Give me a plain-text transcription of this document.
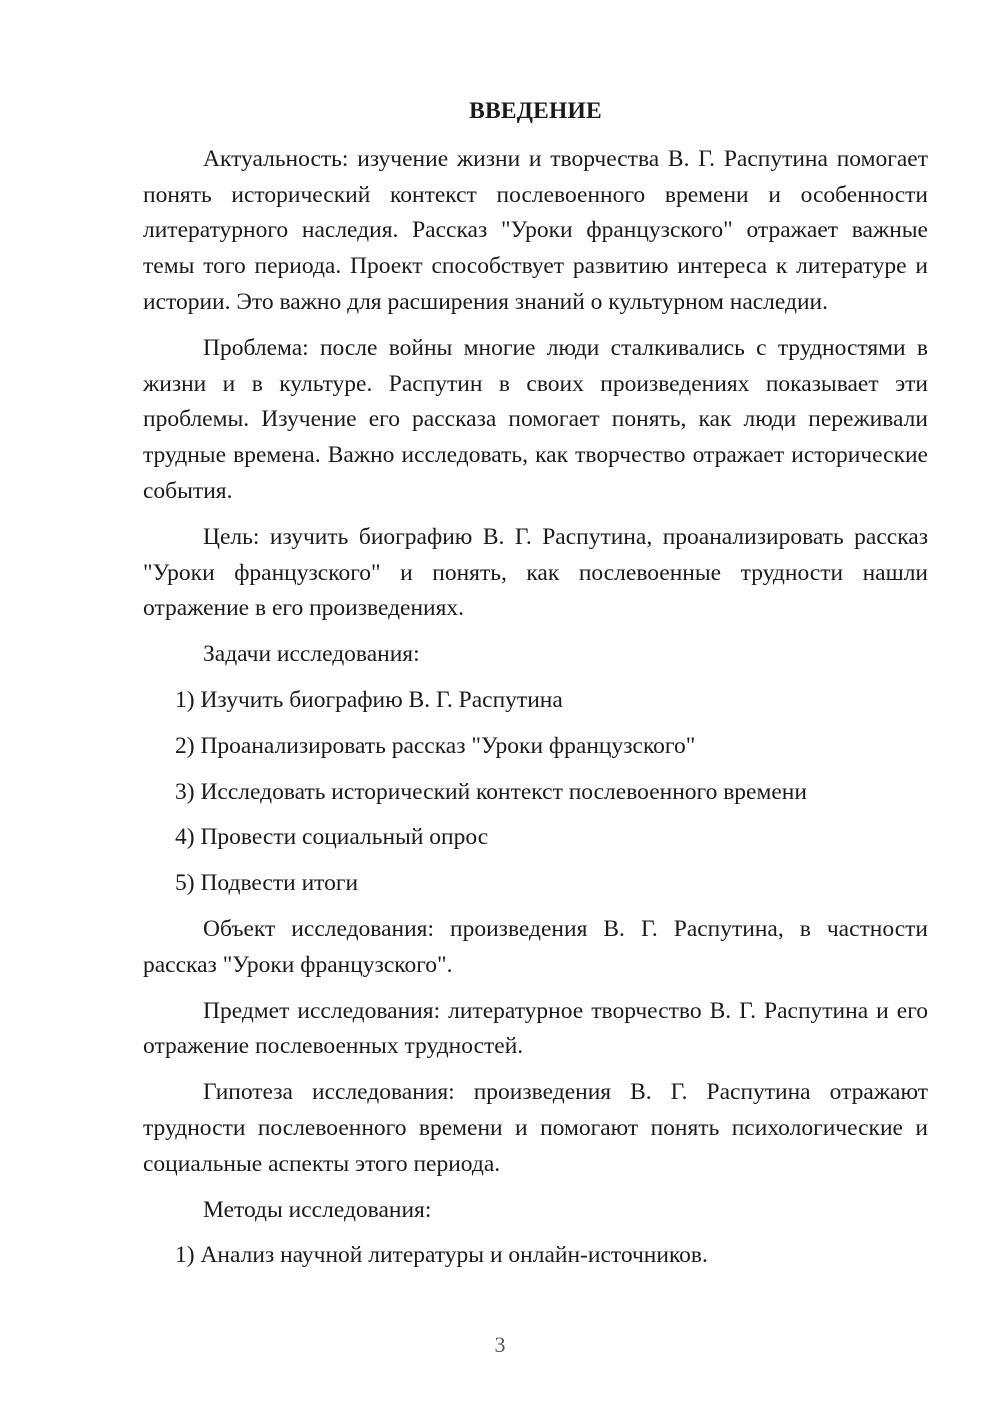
ВВЕДЕНИЕ

Актуальность: изучение жизни и творчества В. Г. Распутина помогает понять исторический контекст послевоенного времени и особенности литературного наследия. Рассказ "Уроки французского" отражает важные темы того периода. Проект способствует развитию интереса к литературе и истории. Это важно для расширения знаний о культурном наследии.

Проблема: после войны многие люди сталкивались с трудностями в жизни и в культуре. Распутин в своих произведениях показывает эти проблемы. Изучение его рассказа помогает понять, как люди переживали трудные времена. Важно исследовать, как творчество отражает исторические события.

Цель: изучить биографию В. Г. Распутина, проанализировать рассказ "Уроки французского" и понять, как послевоенные трудности нашли отражение в его произведениях.

Задачи исследования:

1) Изучить биографию В. Г. Распутина
2) Проанализировать рассказ "Уроки французского"
3) Исследовать исторический контекст послевоенного времени
4) Провести социальный опрос
5) Подвести итоги

Объект исследования: произведения В. Г. Распутина, в частности рассказ "Уроки французского".

Предмет исследования: литературное творчество В. Г. Распутина и его отражение послевоенных трудностей.

Гипотеза исследования: произведения В. Г. Распутина отражают трудности послевоенного времени и помогают понять психологические и социальные аспекты этого периода.

Методы исследования:

1) Анализ научной литературы и онлайн-источников.
3
